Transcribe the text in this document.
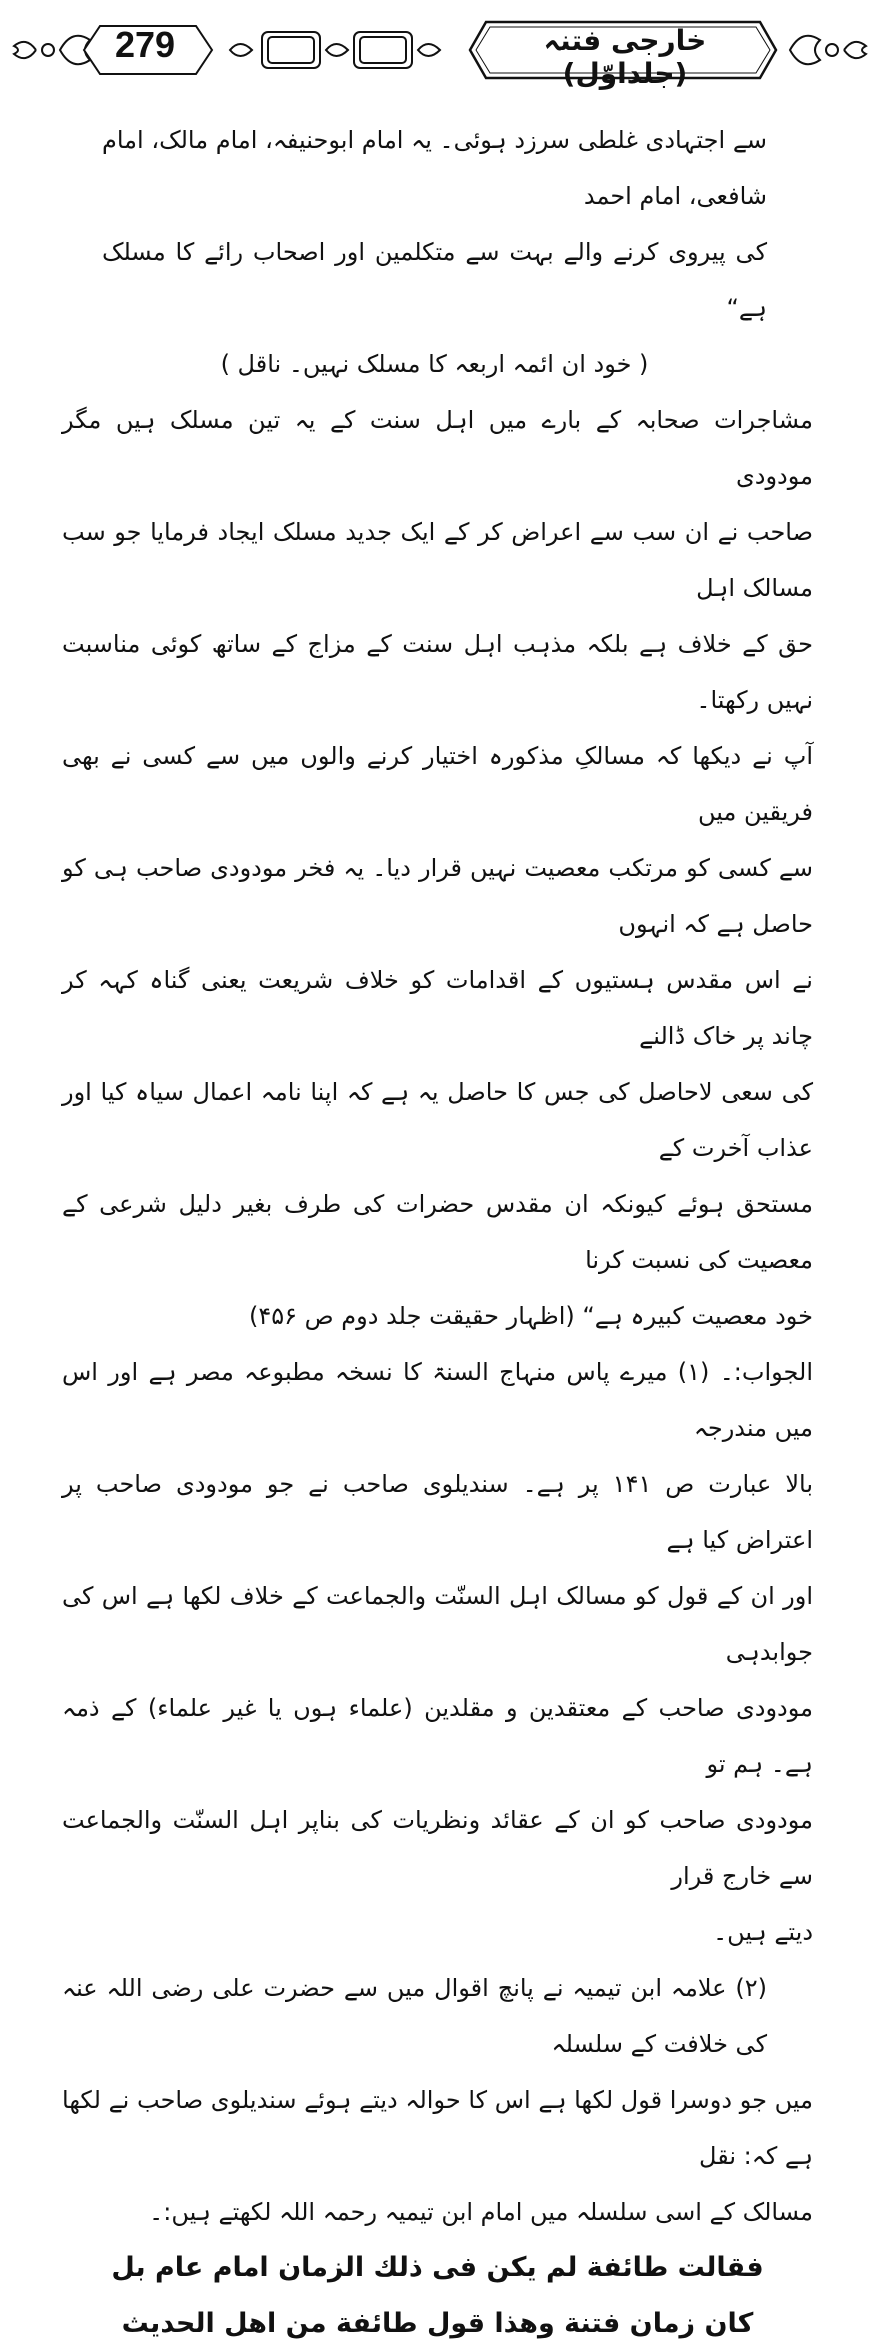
279	خارجی فتنہ (جلداوّل)

سے اجتہادی غلطی سرزد ہوئی۔ یہ امام ابوحنیفہ، امام مالک، امام شافعی، امام احمد

کی پیروی کرنے والے بہت سے متکلمین اور اصحاب رائے کا مسلک ہے“

( خود ان ائمہ اربعہ کا مسلک نہیں۔ ناقل )

مشاجرات صحابہ کے بارے میں اہل سنت کے یہ تین مسلک ہیں مگر مودودی

صاحب نے ان سب سے اعراض کر کے ایک جدید مسلک ایجاد فرمایا جو سب مسالک اہل

حق کے خلاف ہے بلکہ مذہب اہل سنت کے مزاج کے ساتھ کوئی مناسبت نہیں رکھتا۔

آپ نے دیکھا کہ مسالکِ مذکورہ اختیار کرنے والوں میں سے کسی نے بھی فریقین میں

سے کسی کو مرتکب معصیت نہیں قرار دیا۔ یہ فخر مودودی صاحب ہی کو حاصل ہے کہ انہوں

نے اس مقدس ہستیوں کے اقدامات کو خلاف شریعت یعنی گناہ کہہ کر چاند پر خاک ڈالنے

کی سعی لاحاصل کی جس کا حاصل یہ ہے کہ اپنا نامہ اعمال سیاہ کیا اور عذاب آخرت کے

مستحق ہوئے کیونکہ ان مقدس حضرات کی طرف بغیر دلیل شرعی کے معصیت کی نسبت کرنا

خود معصیت کبیرہ ہے“ (اظہار حقیقت جلد دوم ص ۴۵۶)

الجواب:۔ (۱) میرے پاس منہاج السنۃ کا نسخہ مطبوعہ مصر ہے اور اس میں مندرجہ

بالا عبارت ص ۱۴۱ پر ہے۔ سندیلوی صاحب نے جو مودودی صاحب پر اعتراض کیا ہے

اور ان کے قول کو مسالک اہل السنّت والجماعت کے خلاف لکھا ہے اس کی جوابدہی

مودودی صاحب کے معتقدین و مقلدین (علماء ہوں یا غیر علماء) کے ذمہ ہے۔ ہم تو

مودودی صاحب کو ان کے عقائد ونظریات کی بناپر اہل السنّت والجماعت سے خارج قرار

دیتے ہیں۔

(۲) علامہ ابن تیمیہ نے پانچ اقوال میں سے حضرت علی رضی اللہ عنہ کی خلافت کے سلسلہ

میں جو دوسرا قول لکھا ہے اس کا حوالہ دیتے ہوئے سندیلوی صاحب نے لکھا ہے کہ: نقل

مسالک کے اسی سلسلہ میں امام ابن تیمیہ رحمہ اللہ لکھتے ہیں:۔

فقالت طائفة لم يكن فى ذلك الزمان امام عام بل

كان زمان فتنة وهذا قول طائفة من اهل الحديث
